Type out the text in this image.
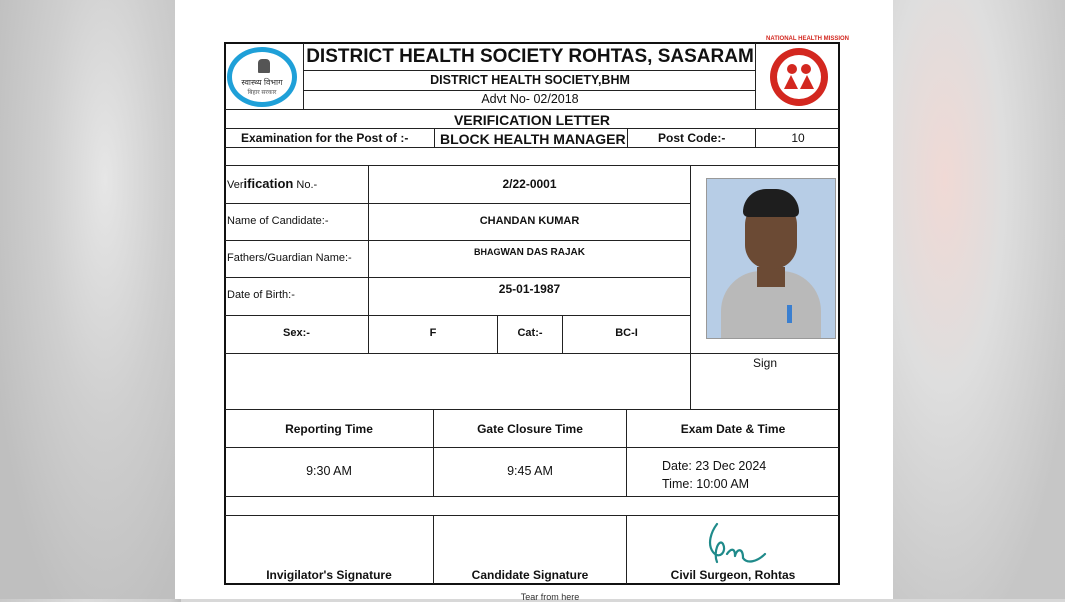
स्वास्थ्य विभाग
बिहार सरकार
NATIONAL HEALTH MISSION
DISTRICT HEALTH SOCIETY ROHTAS, SASARAM
DISTRICT HEALTH SOCIETY,BHM
Advt No- 02/2018
VERIFICATION LETTER
Examination for the Post of :- BLOCK HEALTH MANAGER	Post Code:-	10
Verification No.-	2/22-0001
Name of Candidate:-	CHANDAN KUMAR
Fathers/Guardian Name:-	BHAGWAN DAS RAJAK
Date of Birth:-	25-01-1987
Sex:-	F	Cat:-	BC-I
Sign
Reporting Time	Gate Closure Time	Exam Date & Time
9:30 AM	9:45 AM	Date: 23 Dec 2024
Time: 10:00 AM
Invigilator's Signature	Candidate Signature	Civil Surgeon, Rohtas
Tear from here
